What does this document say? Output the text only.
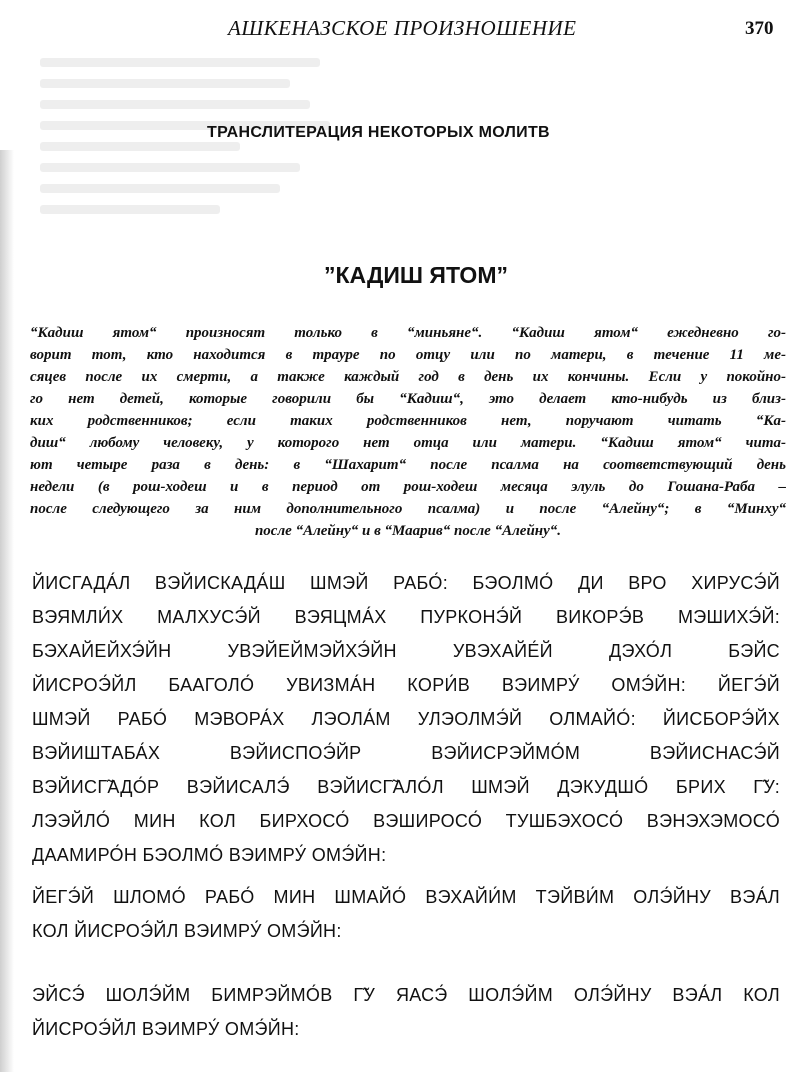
АШКЕНАЗСКОЕ ПРОИЗНОШЕНИЕ	370
ТРАНСЛИТЕРАЦИЯ НЕКОТОРЫХ МОЛИТВ
”КАДИШ ЯТОМ”
“Кадиш ятом“ произносят только в “миньяне“. “Кадиш ятом“ ежедневно го-
ворит тот, кто находится в трауре по отцу или по матери, в течение 11 ме-
сяцев после их смерти, а также каждый год в день их кончины. Если у покойно-
го нет детей, которые говорили бы “Кадиш“, это делает кто-нибудь из близ-
ких родственников; если таких родственников нет, поручают читать “Ка-
диш“ любому человеку, у которого нет отца или матери. “Кадиш ятом“ чита-
ют четыре раза в день: в “Шахарит“ после псалма на соответствующий день
недели (в рош-ходеш и в период от рош-ходеш месяца элуль до Гошана-Раба –
после следующего за ним дополнительного псалма) и после “Алейну“; в “Минху“
после “Алейну“ и в “Маарив“ после “Алейну“.
ЙИСГАДА́Л ВЭЙИСКАДА́Ш ШМЭЙ РАБО́: БЭОЛМО́ ДИ ВРО ХИРУСЭ́Й
ВЭЯМЛИ́Х МАЛХУСЭ́Й ВЭЯЦМА́Х ПУРКОНЭ́Й ВИКОРЭ́В МЭШИХЭ́Й:
БЭХАЙЕЙХЭ́ЙН УВЭЙЕЙМЭЙХЭ́ЙН УВЭХАЙЕ́Й ДЭХО́Л БЭЙС
ЙИСРОЭ́ЙЛ БААГОЛО́ УВИЗМА́Н КОРИ́В ВЭИМРУ́ ОМЭ́ЙН: ЙЕГЭ́Й
ШМЭЙ РАБО́ МЭВОРА́Х ЛЭОЛА́М УЛЭОЛМЭ́Й ОЛМАЙО́: ЙИСБОРЭ́ЙХ
ВЭЙИШТАБА́Х ВЭЙИСПОЭ́ЙР ВЭЙИСРЭЙМО́М ВЭЙИСНАСЭ́Й
ВЭЙИСГ̃АДО́Р ВЭЙИСАЛЭ́ ВЭЙИСГ̃АЛО́Л ШМЭЙ ДЭКУДШО́ БРИХ Г̃У:
ЛЭЭЙЛО́ МИН КОЛ БИРХОСО́ ВЭШИРОСО́ ТУШБЭХОСО́ ВЭНЭХЭМОСО́
ДААМИРО́Н БЭОЛМО́ ВЭИМРУ́ ОМЭ́ЙН:
ЙЕГЭ́Й ШЛОМО́ РАБО́ МИН ШМАЙО́ ВЭХАЙИ́М ТЭЙВИ́М ОЛЭ́ЙНУ ВЭА́Л
КОЛ ЙИСРОЭ́ЙЛ ВЭИМРУ́ ОМЭ́ЙН:
ЭЙСЭ́ ШОЛЭ́ЙМ БИМРЭЙМО́В Г̃У ЯАСЭ́ ШОЛЭ́ЙМ ОЛЭ́ЙНУ ВЭА́Л КОЛ
ЙИСРОЭ́ЙЛ ВЭИМРУ́ ОМЭ́ЙН:
